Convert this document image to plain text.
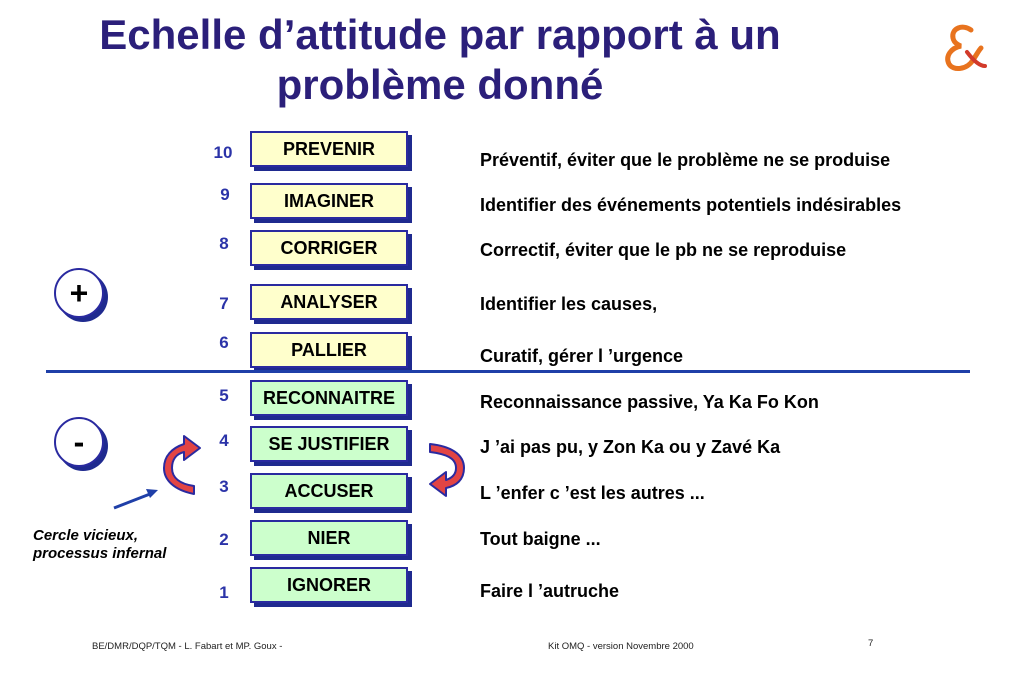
Echelle d’attitude par rapport à un
problème donné
10
9
8
7
6
5
4
3
2
1
PREVENIR
IMAGINER
CORRIGER
ANALYSER
PALLIER
RECONNAITRE
SE JUSTIFIER
ACCUSER
NIER
IGNORER
Préventif, éviter que le problème ne se produise
Identifier des événements potentiels indésirables
Correctif, éviter que le pb ne se reproduise
Identifier les causes,
Curatif, gérer l ’urgence
Reconnaissance passive, Ya Ka Fo Kon
J ’ai pas pu, y Zon Ka ou y Zavé Ka
L ’enfer c ’est les autres ...
Tout baigne ...
Faire l ’autruche
+
-
Cercle vicieux,
processus infernal
BE/DMR/DQP/TQM - L. Fabart et MP. Goux -	Kit OMQ - version Novembre 2000	7
